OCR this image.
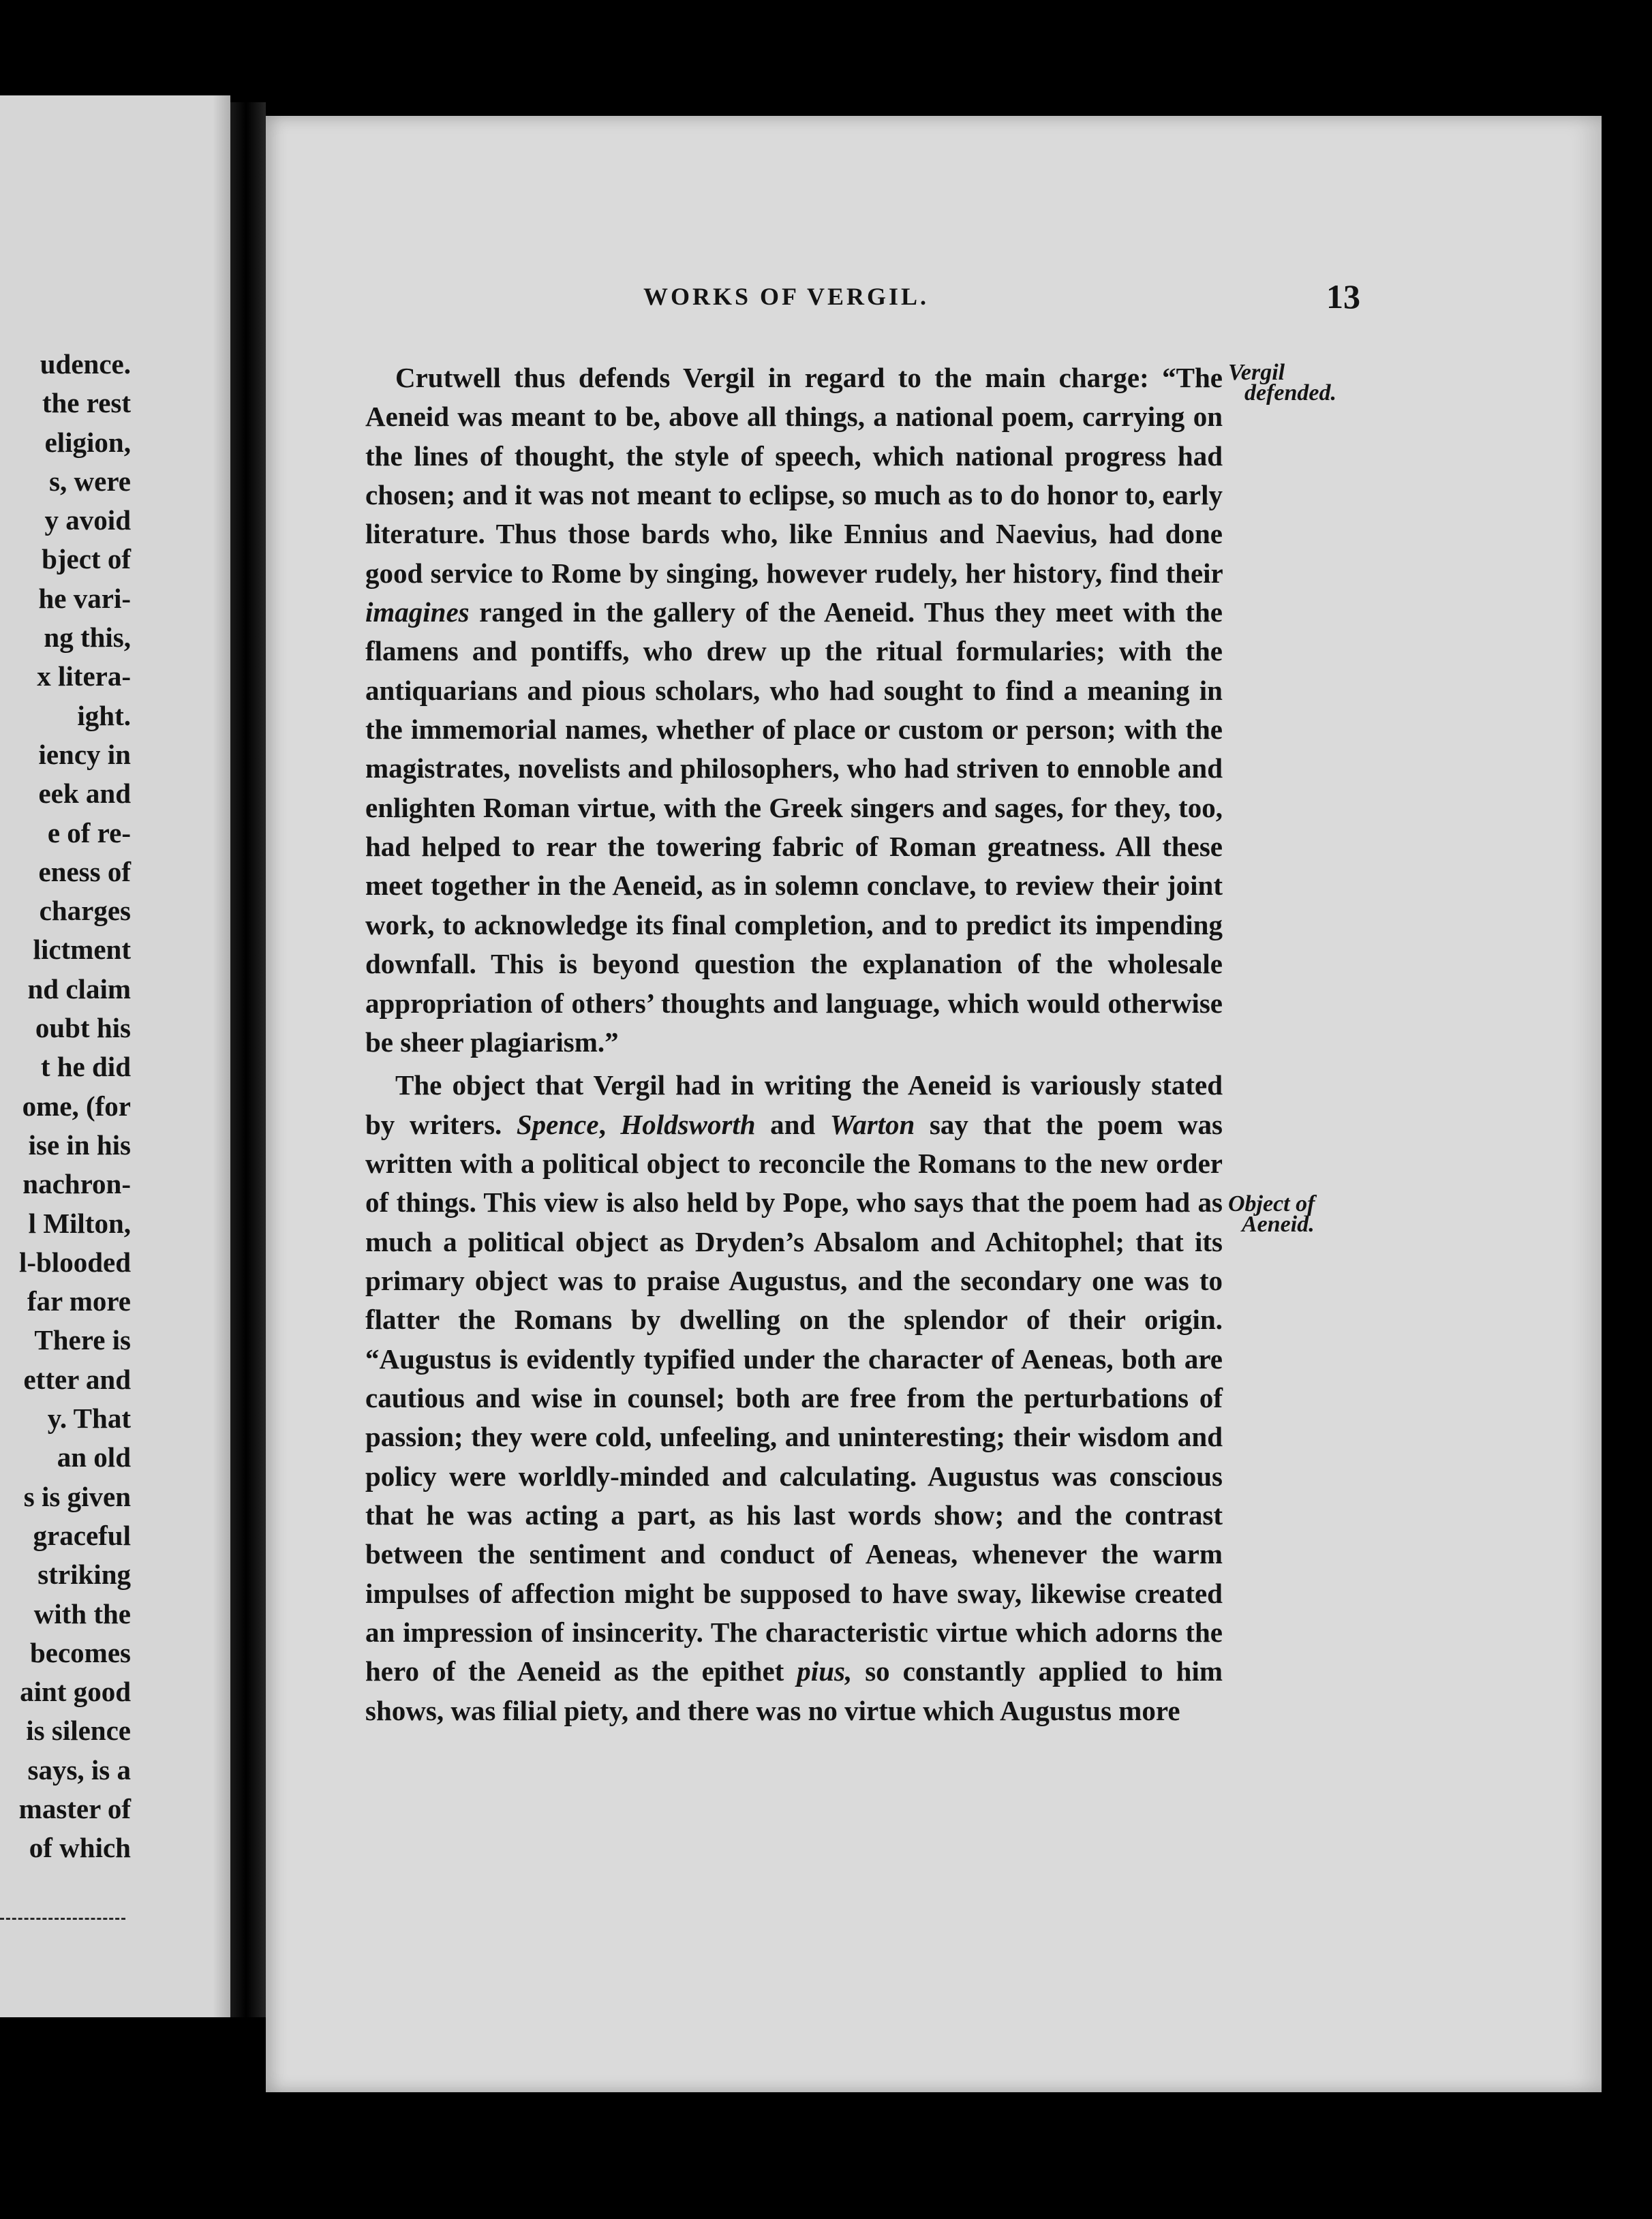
udence.
the rest
eligion,
s, were
y avoid
bject of
he vari-
ng this,
x litera-
ight.
iency in
eek and
e of re-
eness of
charges
lictment
nd claim
oubt his
t he did
ome, (for
ise in his
nachron-
l Milton,
l-blooded
far more
There is
etter and
y. That
an old
s is given
graceful
striking
with the
becomes
aint good
is silence
says, is a
master of
of which
WORKS OF VERGIL.	13

Crutwell thus defends Vergil in regard to the main charge: “The Aeneid was meant to be, above all things, a national poem, carrying on the lines of thought, the style of speech, which national progress had chosen; and it was not meant to eclipse, so much as to do honor to, early literature. Thus those bards who, like Ennius and Naevius, had done good service to Rome by singing, however rudely, her history, find their imagines ranged in the gallery of the Aeneid. Thus they meet with the flamens and pontiffs, who drew up the ritual formularies; with the antiquarians and pious scholars, who had sought to find a meaning in the immemorial names, whether of place or custom or person; with the magistrates, novelists and philosophers, who had striven to ennoble and enlighten Roman virtue, with the Greek singers and sages, for they, too, had helped to rear the towering fabric of Roman greatness. All these meet together in the Aeneid, as in solemn conclave, to review their joint work, to acknowledge its final completion, and to predict its impending downfall. This is beyond question the explanation of the wholesale appropriation of others’ thoughts and language, which would otherwise be sheer plagiarism.”

The object that Vergil had in writing the Aeneid is variously stated by writers. Spence, Holdsworth and Warton say that the poem was written with a political object to reconcile the Romans to the new order of things. This view is also held by Pope, who says that the poem had as much a political object as Dryden’s Absalom and Achitophel; that its primary object was to praise Augustus, and the secondary one was to flatter the Romans by dwelling on the splendor of their origin. “Augustus is evidently typified under the character of Aeneas, both are cautious and wise in counsel; both are free from the perturbations of passion; they were cold, unfeeling, and uninteresting; their wisdom and policy were worldly-minded and calculating. Augustus was conscious that he was acting a part, as his last words show; and the contrast between the sentiment and conduct of Aeneas, whenever the warm impulses of affection might be supposed to have sway, likewise created an impression of insincerity. The characteristic virtue which adorns the hero of the Aeneid as the epithet pius, so constantly applied to him shows, was filial piety, and there was no virtue which Augustus more

Vergil
defended.
Object of
Aeneid.
